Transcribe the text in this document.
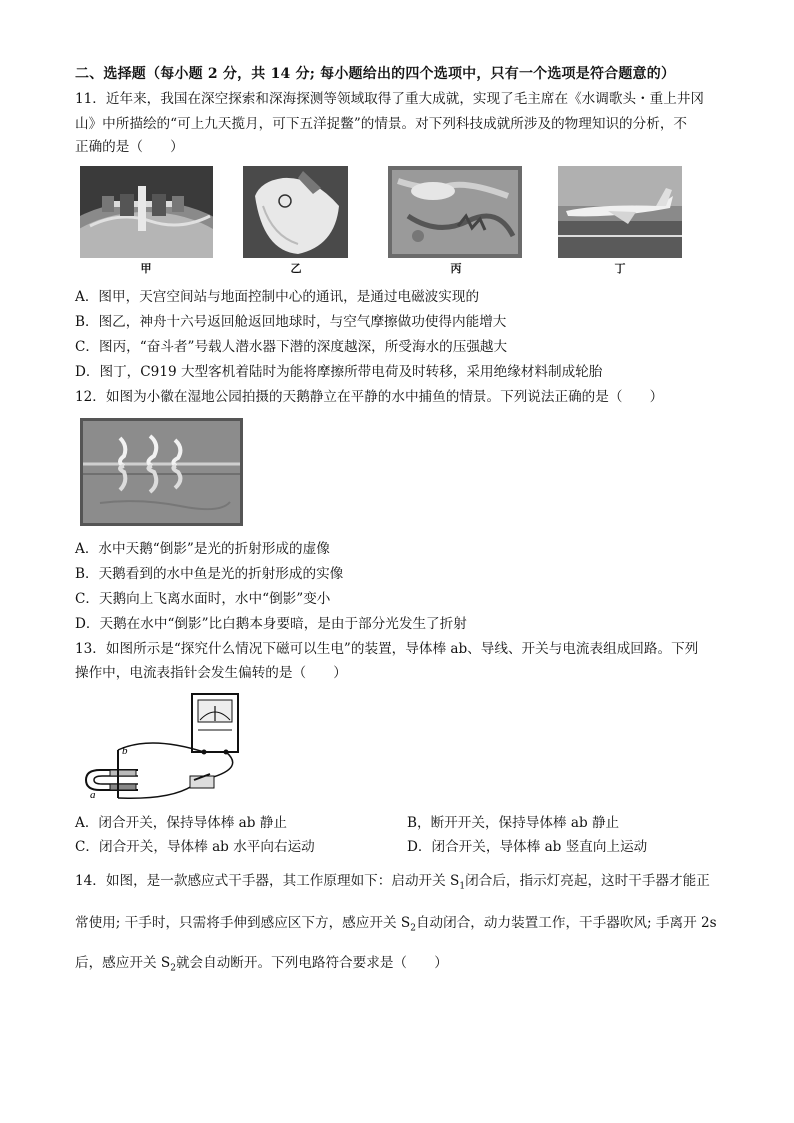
二、选择题（每小题 2 分，共 14 分; 每小题给出的四个选项中，只有一个选项是符合题意的）
11．近年来，我国在深空探索和深海探测等领域取得了重大成就，实现了毛主席在《水调歌头・重上井冈
山》中所描绘的“可上九天揽月，可下五洋捉鳖”的情景。对下列科技成就所涉及的物理知识的分析，不
正确的是（　　）
甲	乙	丙	丁
A．图甲，天宫空间站与地面控制中心的通讯，是通过电磁波实现的
B．图乙，神舟十六号返回舱返回地球时，与空气摩擦做功使得内能增大
C．图丙，“奋斗者”号载人潜水器下潜的深度越深，所受海水的压强越大
D．图丁，C919 大型客机着陆时为能将摩擦所带电荷及时转移，采用绝缘材料制成轮胎
12．如图为小徽在湿地公园拍摄的天鹅静立在平静的水中捕鱼的情景。下列说法正确的是（　　）
A．水中天鹅“倒影”是光的折射形成的虚像
B．天鹅看到的水中鱼是光的折射形成的实像
C．天鹅向上飞离水面时，水中“倒影”变小
D．天鹅在水中“倒影”比白鹅本身要暗，是由于部分光发生了折射
13．如图所示是“探究什么情况下磁可以生电”的装置，导体棒 ab、导线、开关与电流表组成回路。下列
操作中，电流表指针会发生偏转的是（　　）
a
b
A．闭合开关，保持导体棒 ab 静止	B，断开开关，保持导体棒 ab 静止
C．闭合开关，导体棒 ab 水平向右运动	D．闭合开关，导体棒 ab 竖直向上运动
14．如图，是一款感应式干手器，其工作原理如下：启动开关 $S_1$闭合后，指示灯亮起，这时干手器才能正
常使用; 干手时，只需将手伸到感应区下方，感应开关 $S_2$自动闭合，动力装置工作，干手器吹风; 手离开 2s
后，感应开关 $S_2$就会自动断开。下列电路符合要求是（　　）
